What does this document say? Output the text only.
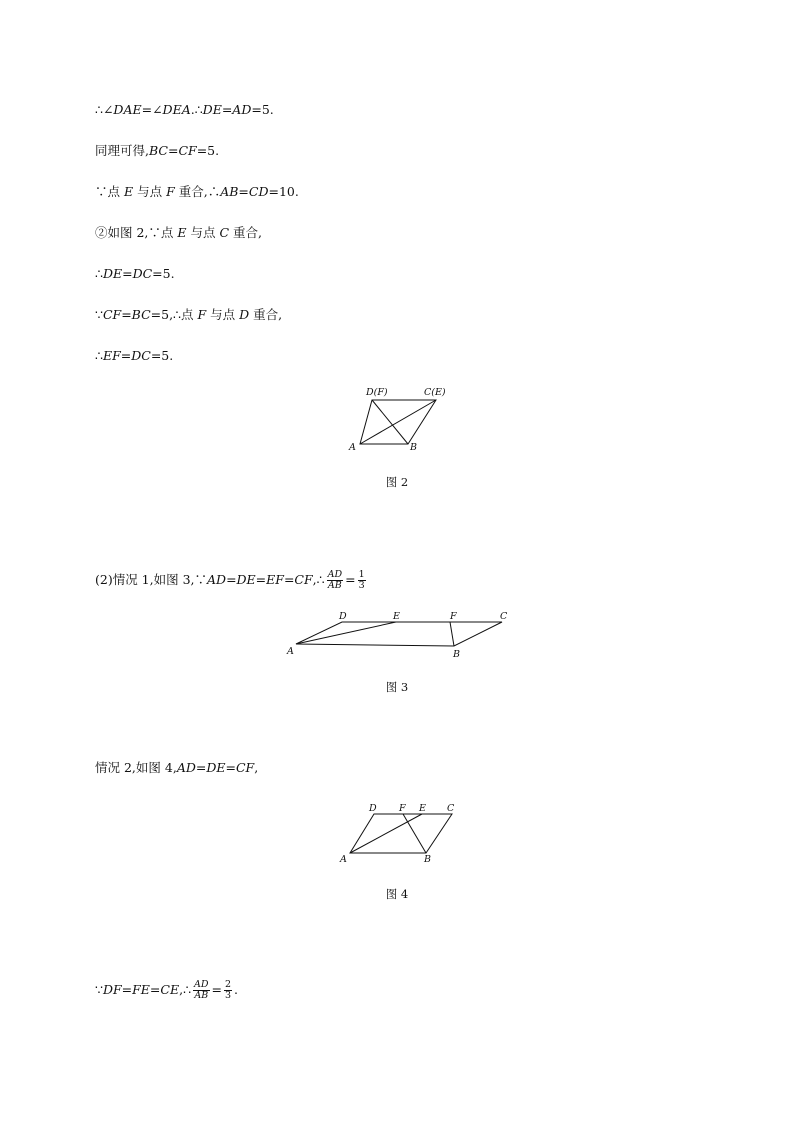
∴∠DAE=∠DEA.∴DE=AD=5.
同理可得,BC=CF=5.
∵点 E 与点 F 重合,∴AB=CD=10.
②如图 2,∵点 E 与点 C 重合,
∴DE=DC=5.
∵CF=BC=5,∴点 F 与点 D 重合,
∴EF=DC=5.
D(F)	C(E)
A	B
图 2
(2)情况 1,如图 3,∵AD=DE=EF=CF,∴ $\frac{AD}{AB} = \frac{1}{3}$
D	E	F	C
A	B
图 3
情况 2,如图 4,AD=DE=CF,
D F E C
A	B
图 4
∵DF=FE=CE,∴ $\frac{AD}{AB} = \frac{2}{3}$ .
